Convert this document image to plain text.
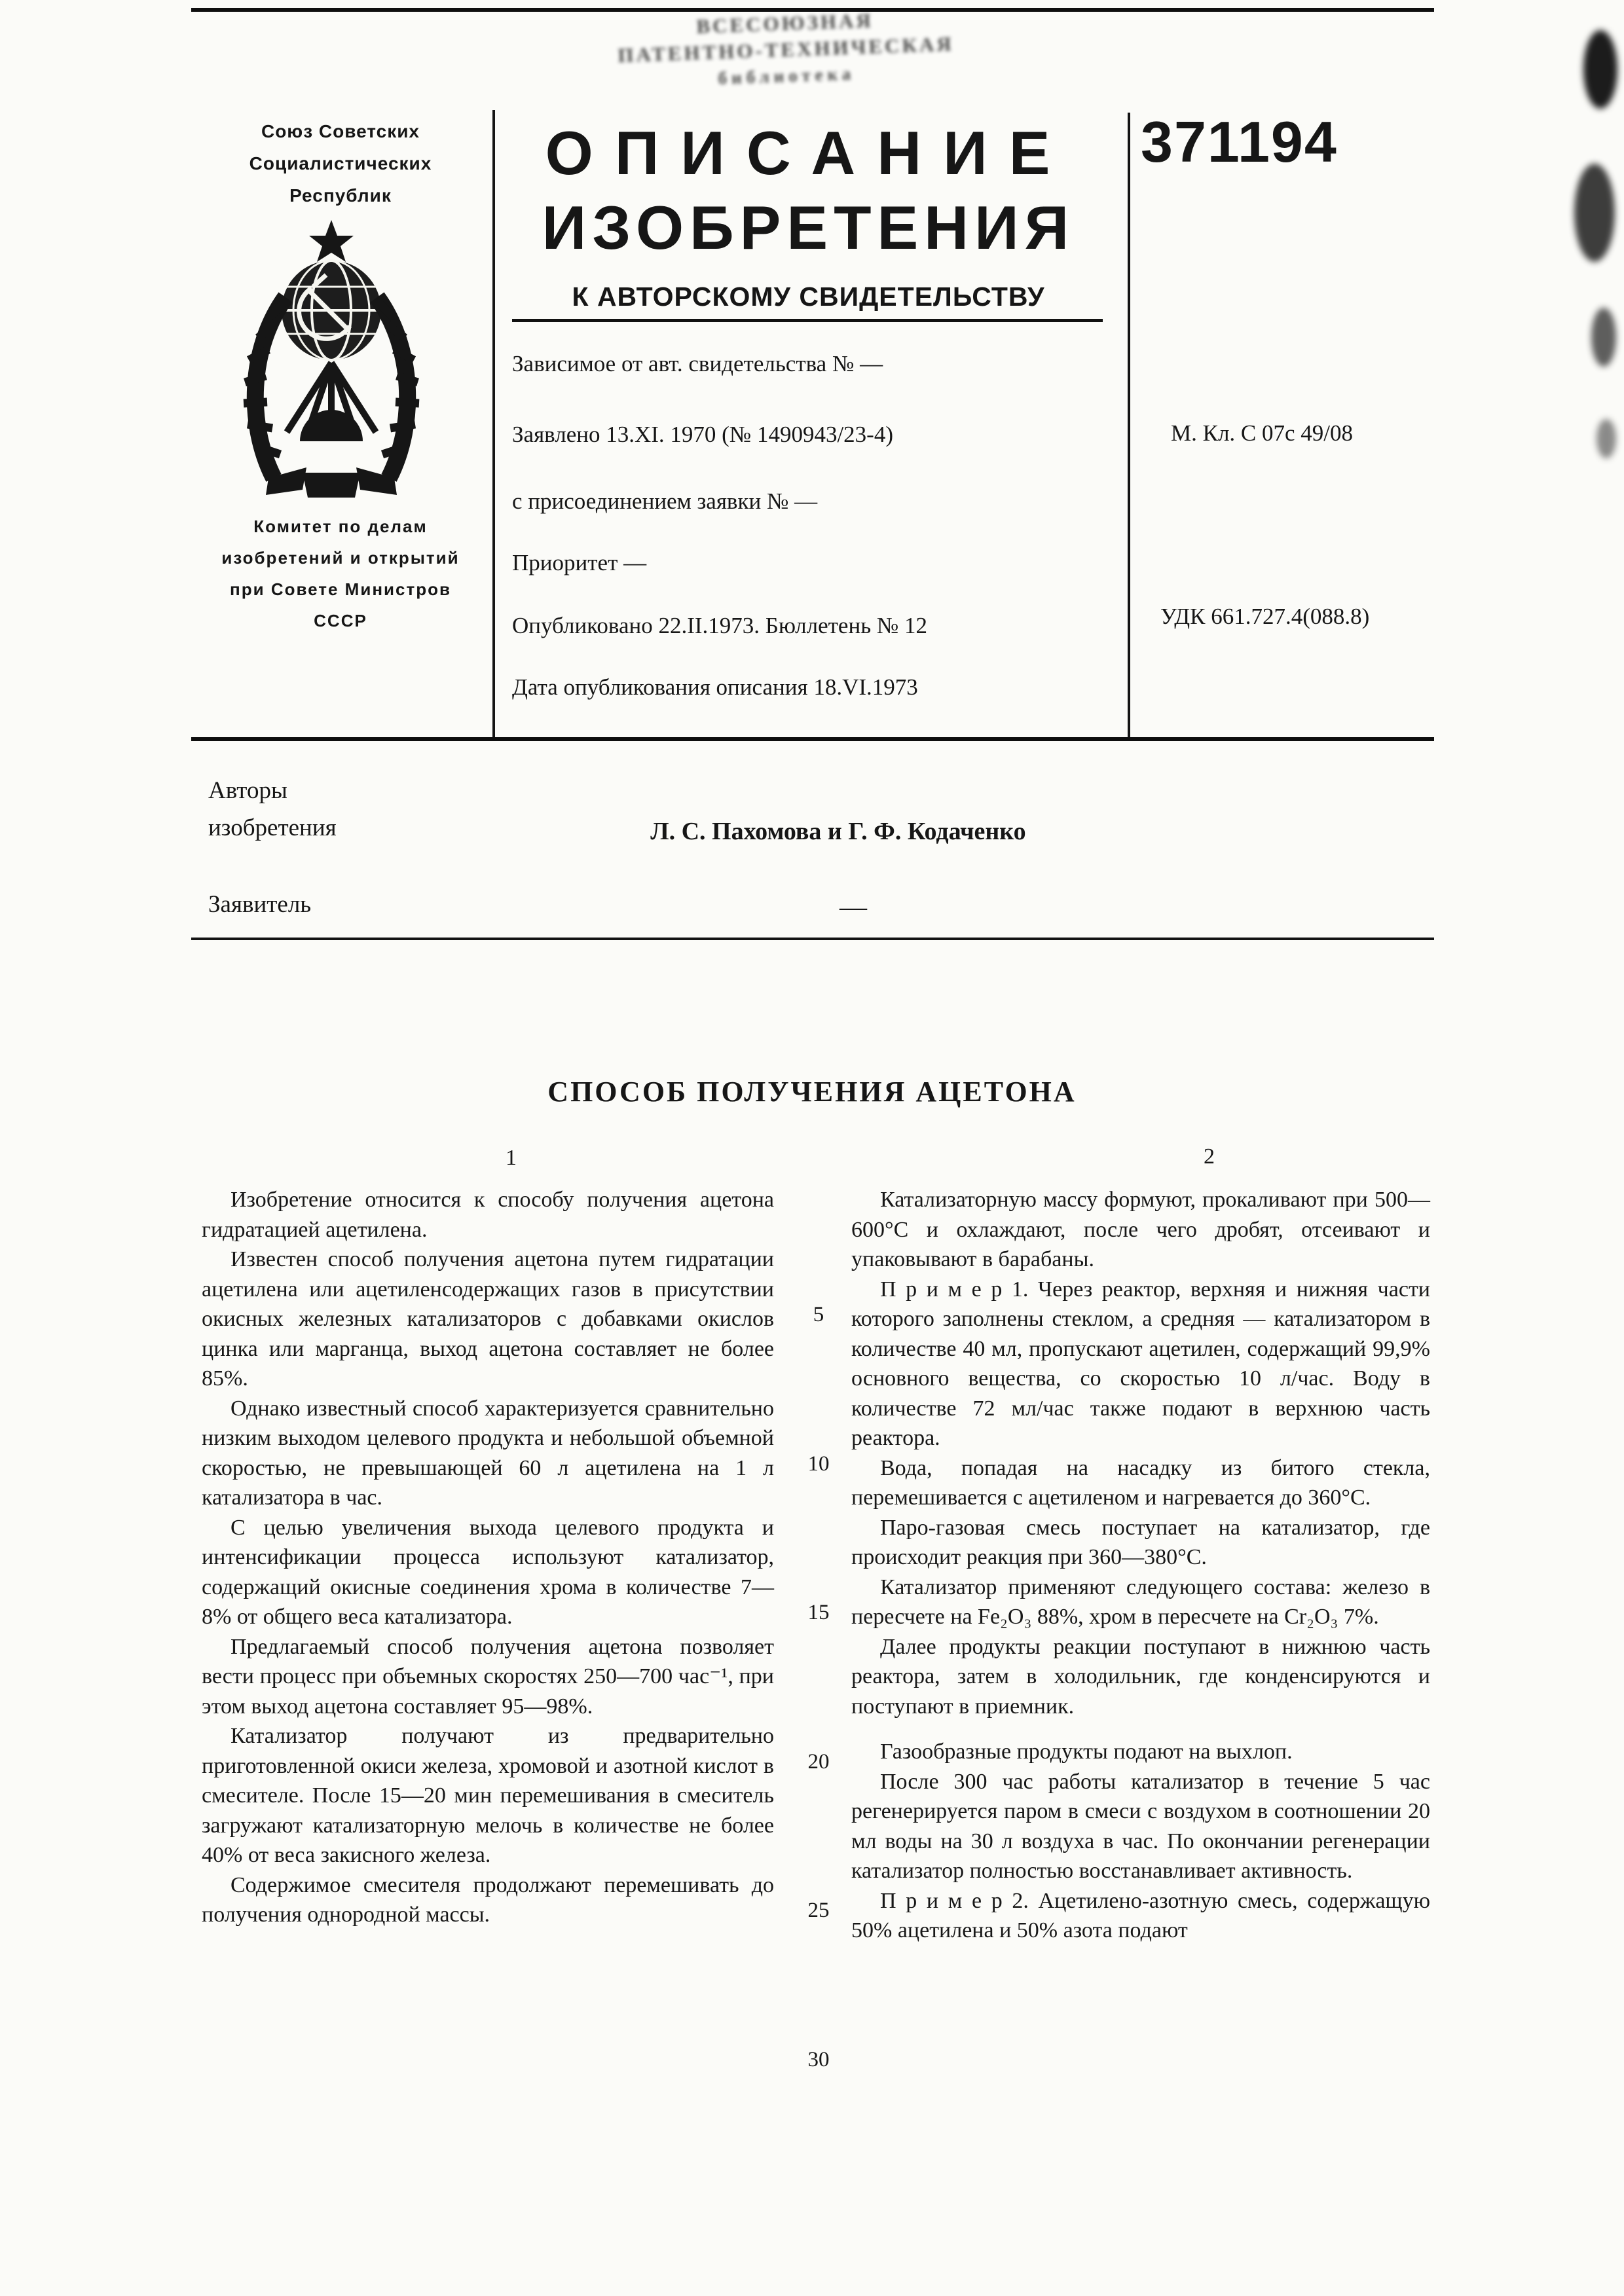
ВСЕСОЮЗНАЯ
ПАТЕНТНО-ТЕХНИЧЕСКАЯ
библиотека
Союз Советских
Социалистических
Республик
Комитет по делам
изобретений и открытий
при Совете Министров
СССР
ОПИСАНИЕ
ИЗОБРЕТЕНИЯ
К АВТОРСКОМУ СВИДЕТЕЛЬСТВУ
Зависимое от авт. свидетельства № —
Заявлено 13.XI. 1970 (№ 1490943/23-4)
с присоединением заявки № —
Приоритет —
Опубликовано 22.II.1973. Бюллетень № 12
Дата опубликования описания 18.VI.1973
371194
М. Кл. С 07с 49/08
УДК 661.727.4(088.8)
Авторы
изобретения	Л. С. Пахомова и Г. Ф. Кодаченко
Заявитель	—
СПОСОБ ПОЛУЧЕНИЯ АЦЕТОНА
1	2

Изобретение относится к способу получения ацетона гидратацией ацетилена.

Известен способ получения ацетона путем гидратации ацетилена или ацетиленсодержащих газов в присутствии окисных железных катализаторов с добавками окислов цинка или марганца, выход ацетона составляет не более 85%.

Однако известный способ характеризуется сравнительно низким выходом целевого продукта и небольшой объемной скоростью, не превышающей 60 л ацетилена на 1 л катализатора в час.

С целью увеличения выхода целевого продукта и интенсификации процесса используют катализатор, содержащий окисные соединения хрома в количестве 7—8% от общего веса катализатора.

Предлагаемый способ получения ацетона позволяет вести процесс при объемных скоростях 250—700 час⁻¹, при этом выход ацетона составляет 95—98%.

Катализатор получают из предварительно приготовленной окиси железа, хромовой и азотной кислот в смесителе. После 15—20 мин перемешивания в смеситель загружают катализаторную мелочь в количестве не более 40% от веса закисного железа.

Содержимое смесителя продолжают перемешивать до получения однородной массы.

5
10
15
20
25
30

Катализаторную массу формуют, прокаливают при 500—600°С и охлаждают, после чего дробят, отсеивают и упаковывают в барабаны.

П р и м е р 1. Через реактор, верхняя и нижняя части которого заполнены стеклом, а средняя — катализатором в количестве 40 мл, пропускают ацетилен, содержащий 99,9% основного вещества, со скоростью 10 л/час. Воду в количестве 72 мл/час также подают в верхнюю часть реактора.

Вода, попадая на насадку из битого стекла, перемешивается с ацетиленом и нагревается до 360°С.

Паро-газовая смесь поступает на катализатор, где происходит реакция при 360—380°С.

Катализатор применяют следующего состава: железо в пересчете на Fe₂O₃ 88%, хром в пересчете на Cr₂O₃ 7%.

Далее продукты реакции поступают в нижнюю часть реактора, затем в холодильник, где конденсируются и поступают в приемник.

Газообразные продукты подают на выхлоп.

После 300 час работы катализатор в течение 5 час регенерируется паром в смеси с воздухом в соотношении 20 мл воды на 30 л воздуха в час. По окончании регенерации катализатор полностью восстанавливает активность.

П р и м е р 2. Ацетилено-азотную смесь, содержащую 50% ацетилена и 50% азота подают
